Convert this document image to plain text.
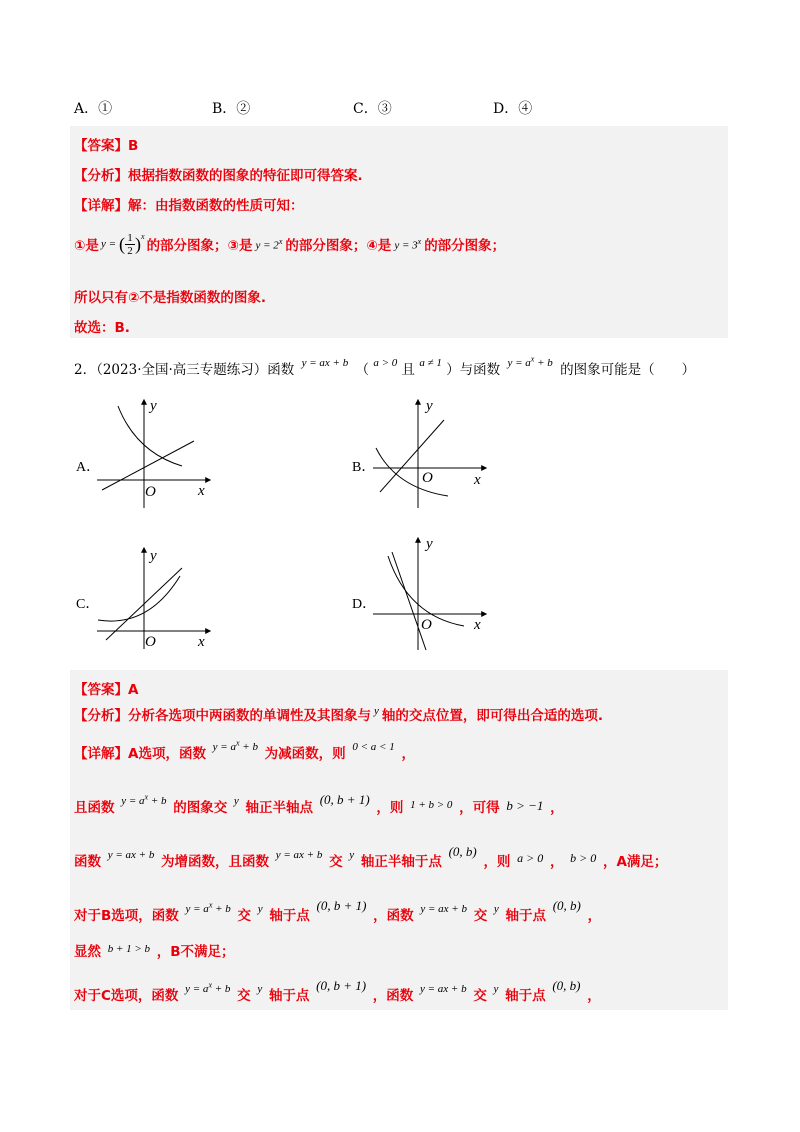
A．①	B．②	C．③	D．④
【答案】B
【分析】根据指数函数的图象的特征即可得答案.
【详解】解：由指数函数的性质可知：
①是 y = ( 1
2 ) x
的部分图象；③是 $y = 2^x$ 的部分图象；④是 $y = 3^x$ 的部分图象；
所以只有②不是指数函数的图象.
故选：B.
2．（2023·全国·高三专题练习）函数 $^{y = ax + b}$ （ $^{a > 0}$ 且 $^{a \ne 1}$ ）与函数 $^{y = a^x + b}$ 的图象可能是（　　）
A．	B．
C．	D．
y
x
O
y
x
O
y
x
O
y
x
O
【答案】A
【分析】分析各选项中两函数的单调性及其图象与 $^y$ 轴的交点位置，即可得出合适的选项.
【详解】A选项，函数 $^{y = a^x + b}$ 为减函数，则 $^{0 < a < 1}$ ，
且函数 $^{y = a^x + b}$ 的图象交 $^y$ 轴正半轴点 (0, b + 1) ，则 $^{1 + b > 0}$ ，可得 b > −1 ，
函数 $^{y = ax + b}$ 为增函数，且函数 $^{y = ax + b}$ 交 $^y$ 轴正半轴于点 (0, b) ，则 a > 0 ， b > 0 ，A满足；
对于B选项，函数 $^{y = a^x + b}$ 交 $^y$ 轴于点 (0, b + 1) ，函数 $^{y = ax + b}$ 交 $^y$ 轴于点 (0, b) ，
显然 $^{b + 1 > b}$ ，B不满足；
对于C选项，函数 $^{y = a^x + b}$ 交 $^y$ 轴于点 (0, b + 1) ，函数 $^{y = ax + b}$ 交 $^y$ 轴于点 (0, b) ，
